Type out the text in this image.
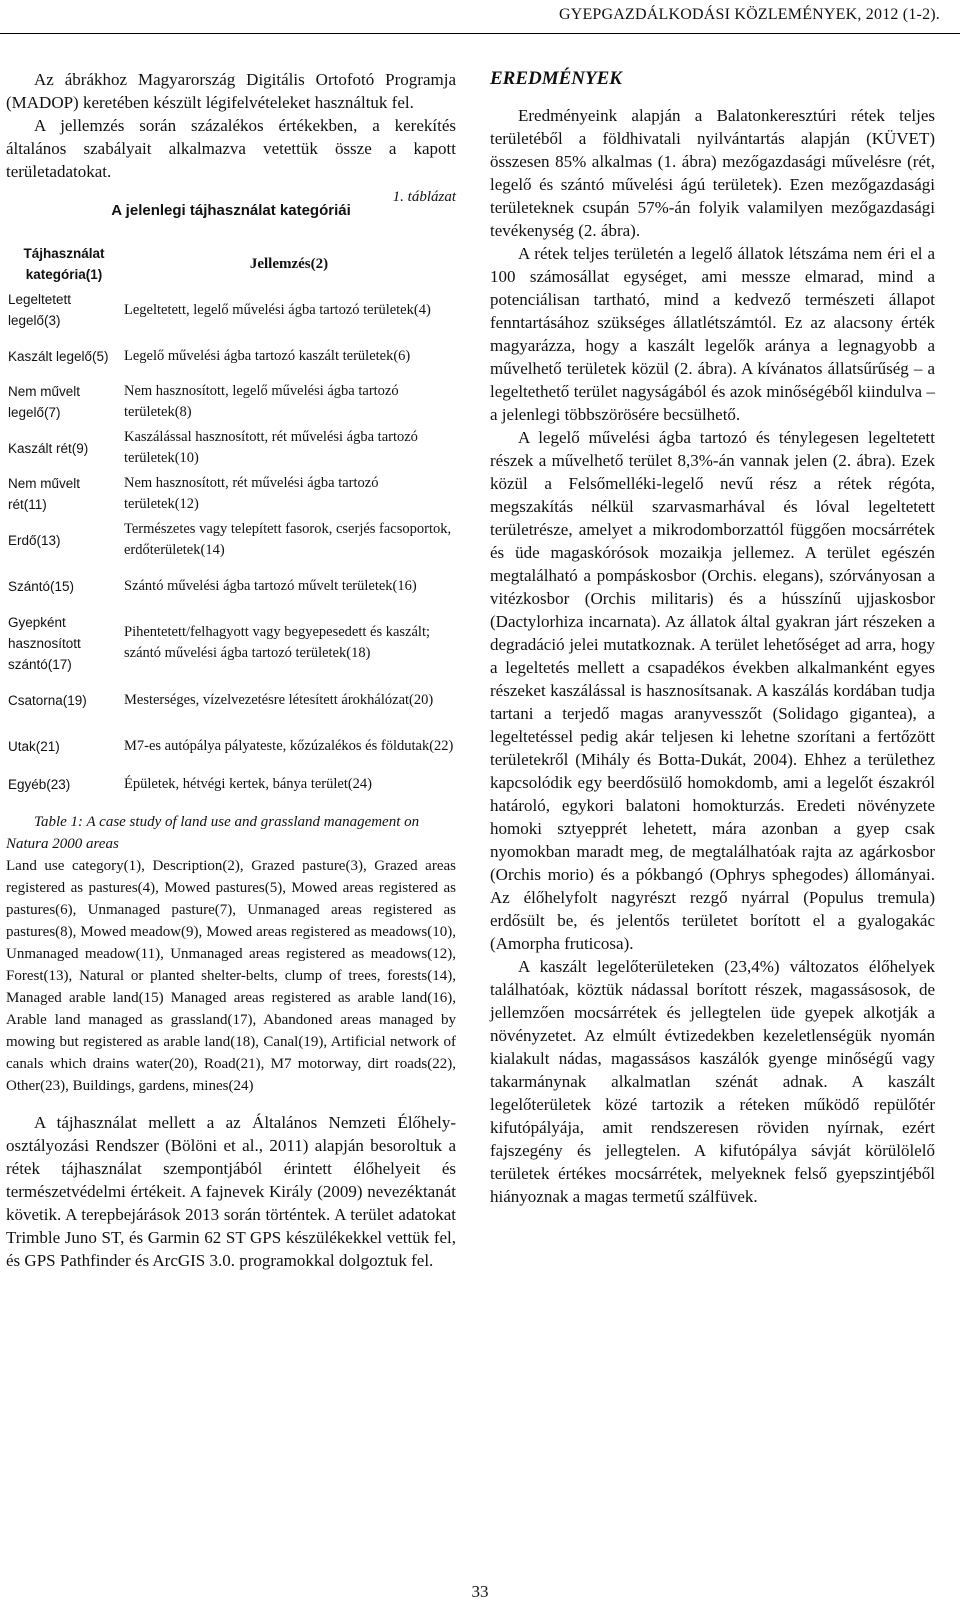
GYEPGAZDÁLKODÁSI KÖZLEMÉNYEK, 2012 (1-2).

Az ábrákhoz Magyarország Digitális Ortofotó Programja (MADOP) keretében készült légifelvételeket használtuk fel.

A jellemzés során százalékos értékekben, a kerekítés általános szabályait alkalmazva vetettük össze a kapott területadatokat.

1. táblázat
A jelenlegi tájhasználat kategóriái
Tájhasználat kategória(1)	Jellemzés(2)
Legeltetett legelő(3)	Legeltetett, legelő művelési ágba tartozó területek(4)
Kaszált legelő(5)	Legelő művelési ágba tartozó kaszált területek(6)
Nem művelt legelő(7)	Nem hasznosított, legelő művelési ágba tartozó területek(8)
Kaszált rét(9)	Kaszálással hasznosított, rét művelési ágba tartozó területek(10)
Nem művelt rét(11)	Nem hasznosított, rét művelési ágba tartozó területek(12)
Erdő(13)	Természetes vagy telepített fasorok, cserjés facsoportok, erdőterületek(14)
Szántó(15)	Szántó művelési ágba tartozó művelt területek(16)
Gyepként hasznosított szántó(17)	Pihentetett/felhagyott vagy begyepesedett és kaszált; szántó művelési ágba tartozó területek(18)
Csatorna(19)	Mesterséges, vízelvezetésre létesített árokhálózat(20)
Utak(21)	M7-es autópálya pályateste, kőzúzalékos és földutak(22)
Egyéb(23)	Épületek, hétvégi kertek, bánya terület(24)
Table 1: A case study of land use and grassland management on Natura 2000 areas
Land use category(1), Description(2), Grazed pasture(3), Grazed areas registered as pastures(4), Mowed pastures(5), Mowed areas registered as pastures(6), Unmanaged pasture(7), Unmanaged areas registered as pastures(8), Mowed meadow(9), Mowed areas registered as meadows(10), Unmanaged meadow(11), Unmanaged areas registered as meadows(12), Forest(13), Natural or planted shelter-belts, clump of trees, forests(14), Managed arable land(15) Managed areas registered as arable land(16), Arable land managed as grassland(17), Abandoned areas managed by mowing but registered as arable land(18), Canal(19), Artificial network of canals which drains water(20), Road(21), M7 motorway, dirt roads(22), Other(23), Buildings, gardens, mines(24)

A tájhasználat mellett a az Általános Nemzeti Élőhely-osztályozási Rendszer (Bölöni et al., 2011) alapján besoroltuk a rétek tájhasználat szempontjából érintett élőhelyeit és természetvédelmi értékeit. A fajnevek Király (2009) nevezéktanát követik. A terepbejárások 2013 során történtek. A terület adatokat Trimble Juno ST, és Garmin 62 ST GPS készülékekkel vettük fel, és GPS Pathfinder és ArcGIS 3.0. programokkal dolgoztuk fel.

EREDMÉNYEK

Eredményeink alapján a Balatonkeresztúri rétek teljes területéből a földhivatali nyilvántartás alapján (KÜVET) összesen 85% alkalmas (1. ábra) mezőgazdasági művelésre (rét, legelő és szántó művelési ágú területek). Ezen mezőgazdasági területeknek csupán 57%-án folyik valamilyen mezőgazdasági tevékenység (2. ábra).

A rétek teljes területén a legelő állatok létszáma nem éri el a 100 számosállat egységet, ami messze elmarad, mind a potenciálisan tartható, mind a kedvező természeti állapot fenntartásához szükséges állatlétszámtól. Ez az alacsony érték magyarázza, hogy a kaszált legelők aránya a legnagyobb a művelhető területek közül (2. ábra). A kívánatos állatsűrűség – a legeltethető terület nagyságából és azok minőségéből kiindulva – a jelenlegi többszörösére becsülhető.

A legelő művelési ágba tartozó és ténylegesen legeltetett részek a művelhető terület 8,3%-án vannak jelen (2. ábra). Ezek közül a Felsőmelléki-legelő nevű rész a rétek régóta, megszakítás nélkül szarvasmarhával és lóval legeltetett területrésze, amelyet a mikrodomborzattól függően mocsárrétek és üde magaskórósok mozaikja jellemez. A terület egészén megtalálható a pompáskosbor (Orchis. elegans), szórványosan a vitézkosbor (Orchis militaris) és a hússzínű ujjaskosbor (Dactylorhiza incarnata). Az állatok által gyakran járt részeken a degradáció jelei mutatkoznak. A terület lehetőséget ad arra, hogy a legeltetés mellett a csapadékos években alkalmanként egyes részeket kaszálással is hasznosítsanak. A kaszálás kordában tudja tartani a terjedő magas aranyvesszőt (Solidago gigantea), a legeltetéssel pedig akár teljesen ki lehetne szorítani a fertőzött területekről (Mihály és Botta-Dukát, 2004). Ehhez a területhez kapcsolódik egy beerdősülő homokdomb, ami a legelőt északról határoló, egykori balatoni homokturzás. Eredeti növényzete homoki sztyepprét lehetett, mára azonban a gyep csak nyomokban maradt meg, de megtalálhatóak rajta az agárkosbor (Orchis morio) és a pókbangó (Ophrys sphegodes) állományai. Az élőhelyfolt nagyrészt rezgő nyárral (Populus tremula) erdősült be, és jelentős területet borított el a gyalogakác (Amorpha fruticosa).

A kaszált legelőterületeken (23,4%) változatos élőhelyek találhatóak, köztük nádassal borított részek, magassásosok, de jellemzően mocsárrétek és jellegtelen üde gyepek alkotják a növényzetet. Az elmúlt évtizedekben kezeletlenségük nyomán kialakult nádas, magassásos kaszálók gyenge minőségű vagy takarmánynak alkalmatlan szénát adnak. A kaszált legelőterületek közé tartozik a réteken működő repülőtér kifutópályája, amit rendszeresen röviden nyírnak, ezért fajszegény és jellegtelen. A kifutópálya sávját körülölelő területek értékes mocsárrétek, melyeknek felső gyepszintjéből hiányoznak a magas termetű szálfüvek.

33
